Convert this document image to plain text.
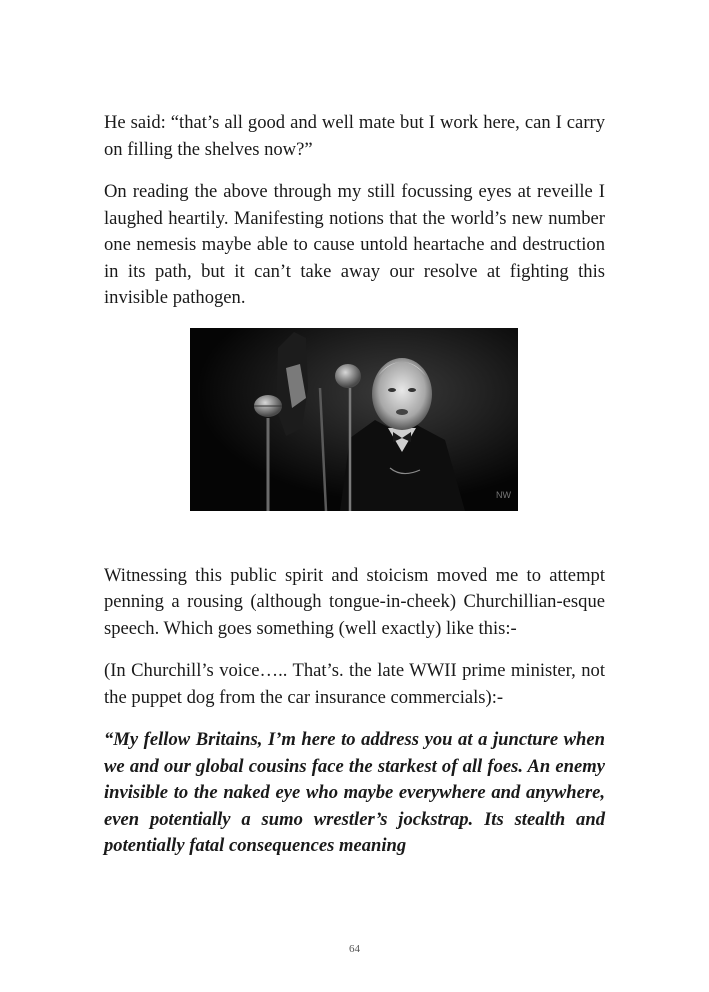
He said: “that’s all good and well mate but I work here, can I carry on filling the shelves now?”

On reading the above through my still focussing eyes at reveille I laughed heartily. Manifesting notions that the world’s new number one nemesis maybe able to cause untold heartache and destruction in its path, but it can’t take away our resolve at fighting this invisible pathogen.

NW

Witnessing this public spirit and stoicism moved me to attempt penning a rousing (although tongue-in-cheek) Churchillian-esque speech. Which goes something (well exactly) like this:-

(In Churchill’s voice….. That’s. the late WWII prime minister, not the puppet dog from the car insurance commercials):-

“My fellow Britains, I’m here to address you at a juncture when we and our global cousins face the starkest of all foes. An enemy invisible to the naked eye who maybe everywhere and anywhere, even potentially a sumo wrestler’s jockstrap. Its stealth and potentially fatal consequences meaning

64
